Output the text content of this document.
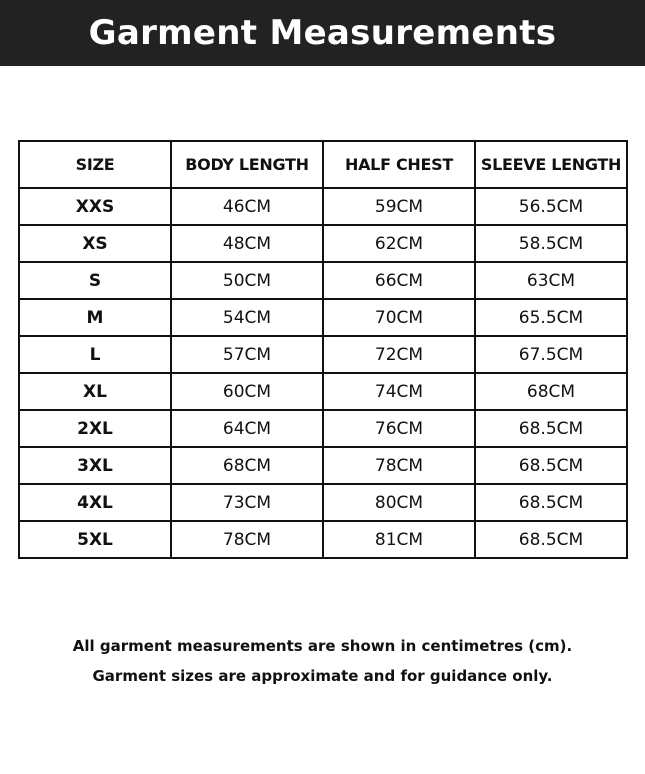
Garment Measurements
SIZE	BODY LENGTH	HALF CHEST	SLEEVE LENGTH
XXS	46CM	59CM	56.5CM
XS	48CM	62CM	58.5CM
S	50CM	66CM	63CM
M	54CM	70CM	65.5CM
L	57CM	72CM	67.5CM
XL	60CM	74CM	68CM
2XL	64CM	76CM	68.5CM
3XL	68CM	78CM	68.5CM
4XL	73CM	80CM	68.5CM
5XL	78CM	81CM	68.5CM
All garment measurements are shown in centimetres (cm).
Garment sizes are approximate and for guidance only.
